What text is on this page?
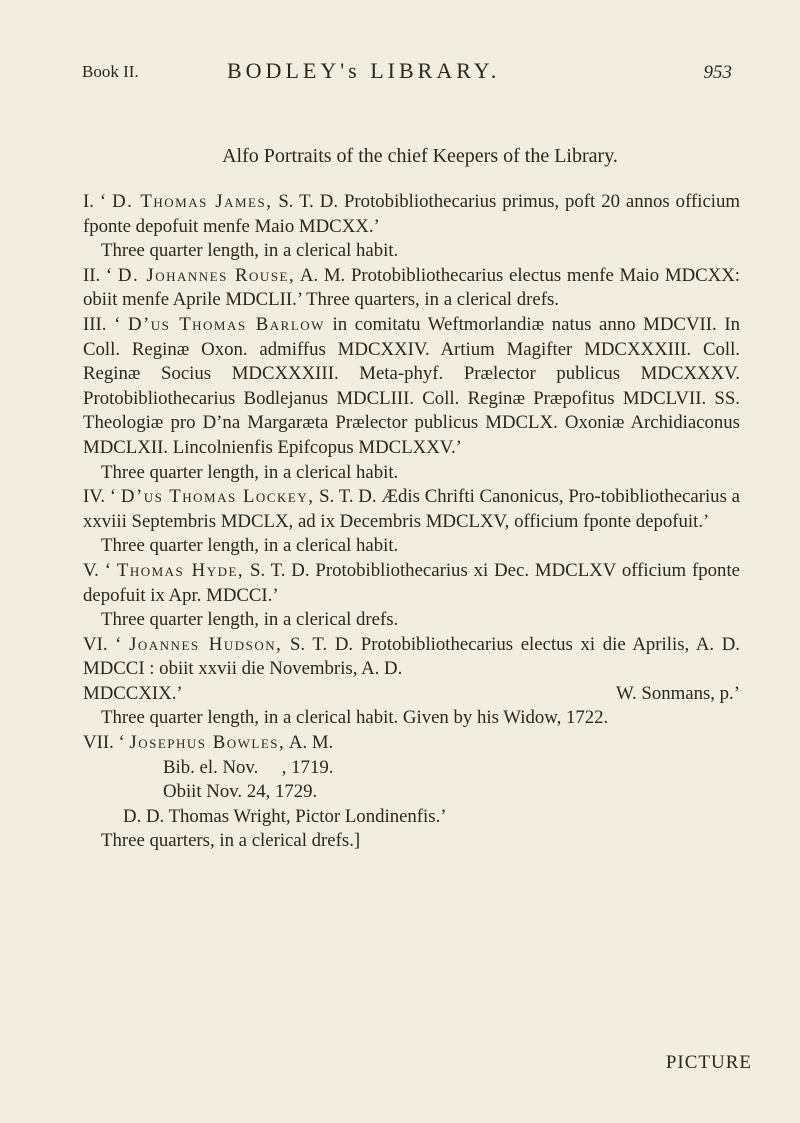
Book II.	BODLEY's LIBRARY.	953
Alfo Portraits of the chief Keepers of the Library.

I. ‘ D. Thomas James, S. T. D. Protobibliothecarius primus, poft 20 annos officium fponte depofuit menfe Maio MDCXX.’

Three quarter length, in a clerical habit.

II. ‘ D. Johannes Rouse, A. M. Protobibliothecarius electus menfe Maio MDCXX: obiit menfe Aprile MDCLII.’ Three quarters, in a clerical drefs.

III. ‘ D’us Thomas Barlow in comitatu Weftmorlandiæ natus anno MDCVII. In Coll. Reginæ Oxon. admiffus MDCXXIV. Artium Magifter MDCXXXIII. Coll. Reginæ Socius MDCXXXIII. Meta-phyf. Prælector publicus MDCXXXV. Protobibliothecarius Bodlejanus MDCLIII. Coll. Reginæ Præpofitus MDCLVII. SS. Theologiæ pro D’na Margaræta Prælector publicus MDCLX. Oxoniæ Archidiaconus MDCLXII. Lincolnienfis Epifcopus MDCLXXV.’

Three quarter length, in a clerical habit.

IV. ‘ D’us Thomas Lockey, S. T. D. Ædis Chrifti Canonicus, Pro-tobibliothecarius a xxviii Septembris MDCLX, ad ix Decembris MDCLXV, officium fponte depofuit.’

Three quarter length, in a clerical habit.

V. ‘ Thomas Hyde, S. T. D. Protobibliothecarius xi Dec. MDCLXV officium fponte depofuit ix Apr. MDCCI.’

Three quarter length, in a clerical drefs.

VI. ‘ Joannes Hudson, S. T. D. Protobibliothecarius electus xi die Aprilis, A. D. MDCCI : obiit xxvii die Novembris, A. D.

MDCCXIX.’	W. Sonmans, p.’

Three quarter length, in a clerical habit. Given by his Widow, 1722.

VII. ‘ Josephus Bowles, A. M.

Bib. el. Nov.     , 1719.

Obiit Nov. 24, 1729.

D. D. Thomas Wright, Pictor Londinenfis.’

Three quarters, in a clerical drefs.]

PICTURE
